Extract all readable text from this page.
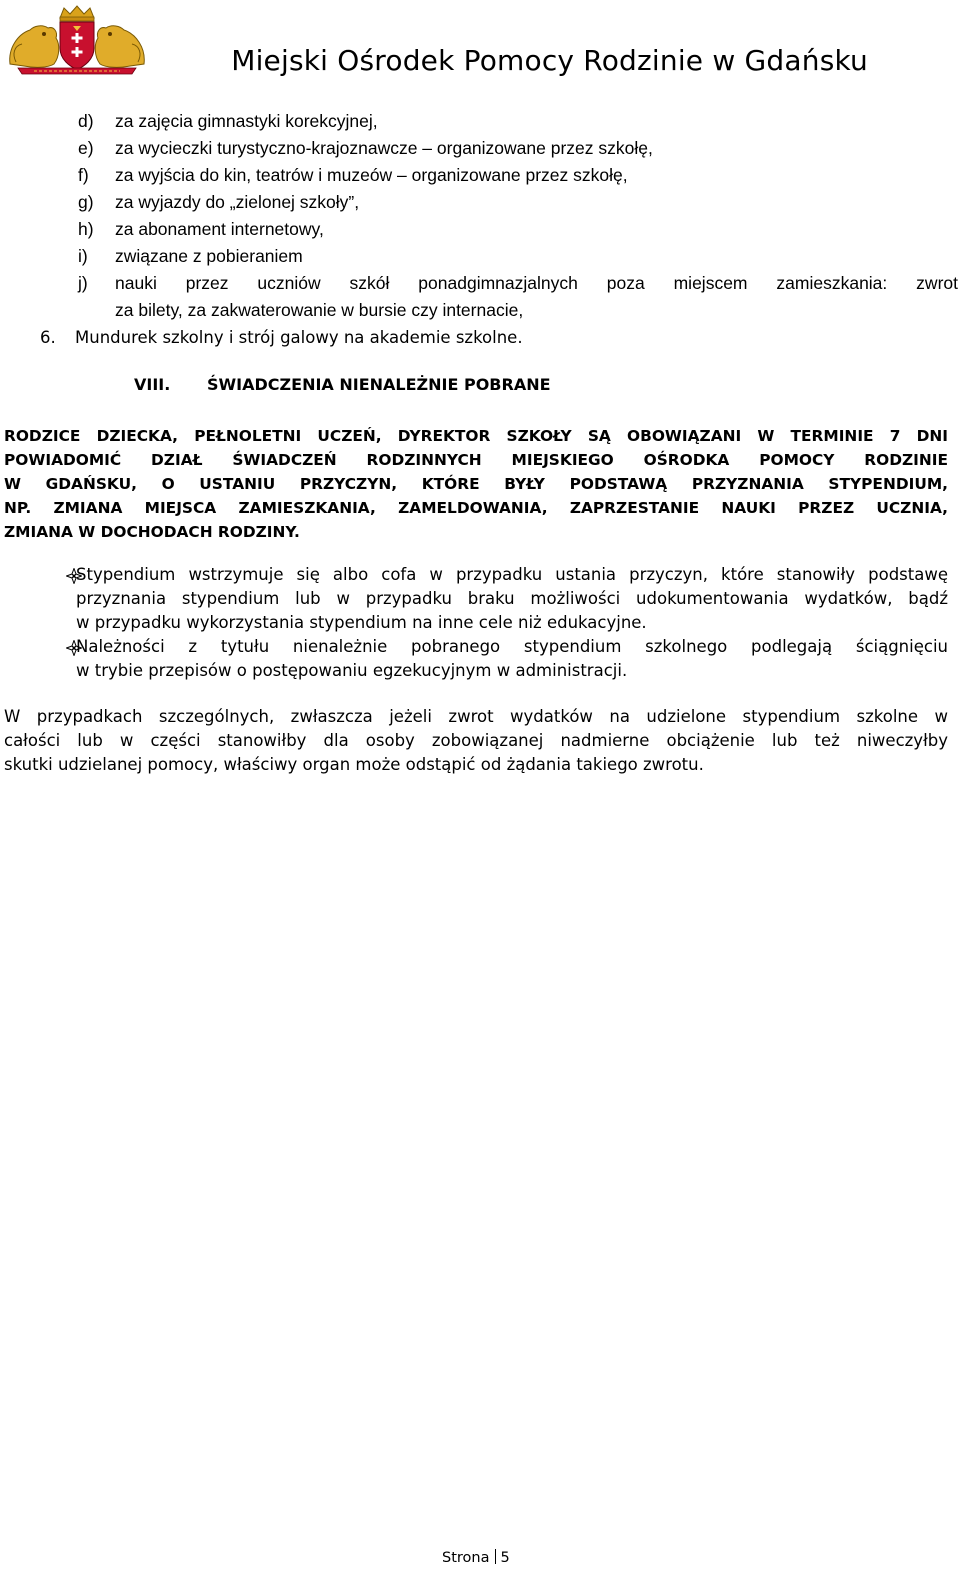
Miejski Ośrodek Pomocy Rodzinie w Gdańsku
d) za zajęcia gimnastyki korekcyjnej,
e) za wycieczki turystyczno-krajoznawcze – organizowane przez szkołę,
f) za wyjścia do kin, teatrów i muzeów – organizowane przez szkołę,
g) za wyjazdy do „zielonej szkoły”,
h) za abonament internetowy,
i) związane z pobieraniem
j) nauki przez uczniów szkół ponadgimnazjalnych poza miejscem zamieszkania: zwrot
za bilety, za zakwaterowanie w bursie czy internacie,
6. Mundurek szkolny i strój galowy na akademie szkolne.
VIII. ŚWIADCZENIA NIENALEŻNIE POBRANE
RODZICE DZIECKA, PEŁNOLETNI UCZEŃ, DYREKTOR SZKOŁY SĄ OBOWIĄZANI W TERMINIE 7 DNI
POWIADOMIĆ DZIAŁ ŚWIADCZEŃ RODZINNYCH MIEJSKIEGO OŚRODKA POMOCY RODZINIE
W GDAŃSKU, O USTANIU PRZYCZYN, KTÓRE BYŁY PODSTAWĄ PRZYZNANIA STYPENDIUM,
NP. ZMIANA MIEJSCA ZAMIESZKANIA, ZAMELDOWANIA, ZAPRZESTANIE NAUKI PRZEZ UCZNIA,
ZMIANA W DOCHODACH RODZINY.
Stypendium wstrzymuje się albo cofa w przypadku ustania przyczyn, które stanowiły podstawę
przyznania stypendium lub w przypadku braku możliwości udokumentowania wydatków, bądź
w przypadku wykorzystania stypendium na inne cele niż edukacyjne.
Należności z tytułu nienależnie pobranego stypendium szkolnego podlegają ściągnięciu
w trybie przepisów o postępowaniu egzekucyjnym w administracji.
W przypadkach szczególnych, zwłaszcza jeżeli zwrot wydatków na udzielone stypendium szkolne w
całości lub w części stanowiłby dla osoby zobowiązanej nadmierne obciążenie lub też niweczyłby
skutki udzielanej pomocy, właściwy organ może odstąpić od żądania takiego zwrotu.
Strona 5
